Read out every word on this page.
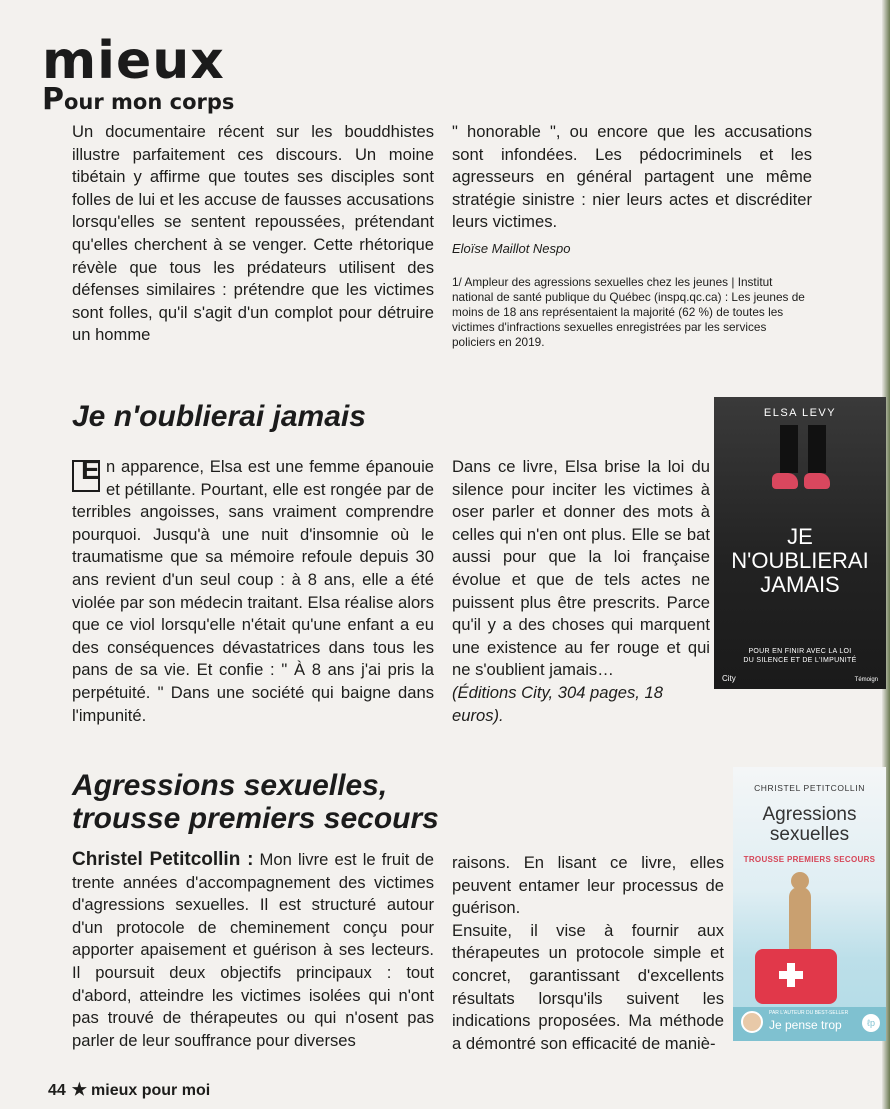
mieux
Pour mon corps

Un documentaire récent sur les bouddhistes illustre parfaitement ces discours. Un moine tibétain y affirme que toutes ses disciples sont folles de lui et les accuse de fausses accusations lorsqu'elles se sentent repoussées, prétendant qu'elles cherchent à se venger. Cette rhétorique révèle que tous les prédateurs utilisent des défenses similaires : prétendre que les victimes sont folles, qu'il s'agit d'un complot pour détruire un homme

" honorable ", ou encore que les accusations sont infondées. Les pédocriminels et les agresseurs en général partagent une même stratégie sinistre : nier leurs actes et discréditer leurs victimes.

Eloïse Maillot Nespo
1/ Ampleur des agressions sexuelles chez les jeunes | Institut national de santé publique du Québec (inspq.qc.ca) : Les jeunes de moins de 18 ans représentaient la majorité (62 %) de toutes les victimes d'infractions sexuelles enregistrées par les services policiers en 2019.
Je n'oublierai jamais
E n apparence, Elsa est une femme épanouie et pétillante. Pourtant, elle est rongée par de terribles angoisses, sans vraiment comprendre pourquoi. Jusqu'à une nuit d'insomnie où le traumatisme que sa mémoire refoule depuis 30 ans revient d'un seul coup : à 8 ans, elle a été violée par son médecin traitant. Elsa réalise alors que ce viol lorsqu'elle n'était qu'une enfant a eu des conséquences dévastatrices dans tous les pans de sa vie. Et confie : " À 8 ans j'ai pris la perpétuité. " Dans une société qui baigne dans l'impunité.

Dans ce livre, Elsa brise la loi du silence pour inciter les victimes à oser parler et donner des mots à celles qui n'en ont plus. Elle se bat aussi pour que la loi française évolue et que de tels actes ne puissent plus être prescrits. Parce qu'il y a des choses qui marquent une existence au fer rouge et qui ne s'oublient jamais…

(Éditions City, 304 pages, 18 euros).

ELSA LEVY
JE
N'OUBLIERAI
JAMAIS
POUR EN FINIR AVEC LA LOI
DU SILENCE ET DE L'IMPUNITÉ
City	Témoign
Agressions sexuelles,
trousse premiers secours

Christel Petitcollin : Mon livre est le fruit de trente années d'accompagnement des victimes d'agressions sexuelles. Il est structuré autour d'un protocole de cheminement conçu pour apporter apaisement et guérison à ses lecteurs. Il poursuit deux objectifs principaux : tout d'abord, atteindre les victimes isolées qui n'ont pas trouvé de thérapeutes ou qui n'osent pas parler de leur souffrance pour diverses

raisons. En lisant ce livre, elles peuvent entamer leur processus de guérison.

Ensuite, il vise à fournir aux thérapeutes un protocole simple et concret, garantissant d'excellents résultats lorsqu'ils suivent les indications proposées. Ma méthode a démontré son efficacité de maniè-

CHRISTEL PETITCOLLIN
Agressions
sexuelles
TROUSSE PREMIERS SECOURS
PAR L'AUTEUR DU BEST-SELLER
Je pense trop	ℓp
44 ★ mieux pour moi
